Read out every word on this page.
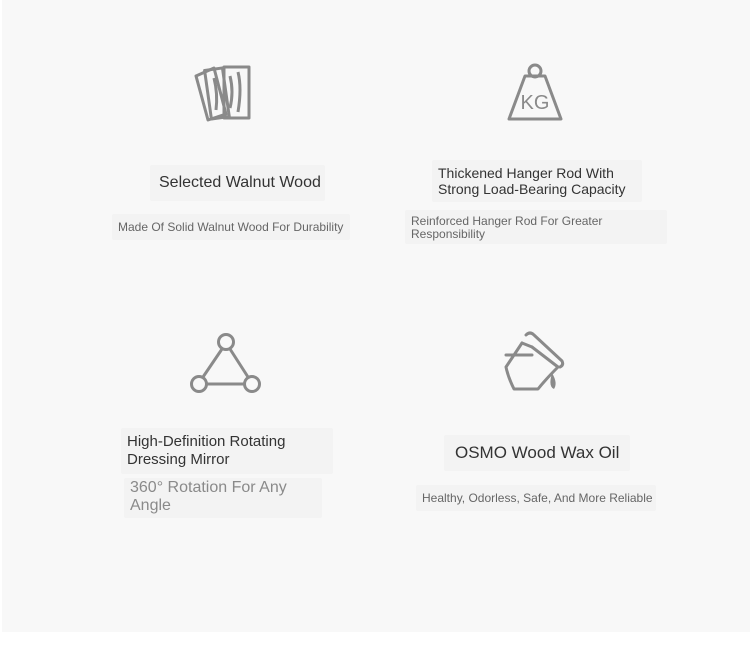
Selected Walnut Wood

Made Of Solid Walnut Wood For Durability

KG
Thickened Hanger Rod With
Strong Load-Bearing Capacity

Reinforced Hanger Rod For Greater

Responsibility

High-Definition Rotating
Dressing Mirror

360° Rotation For Any

Angle

OSMO Wood Wax Oil

Healthy, Odorless, Safe, And More Reliable
